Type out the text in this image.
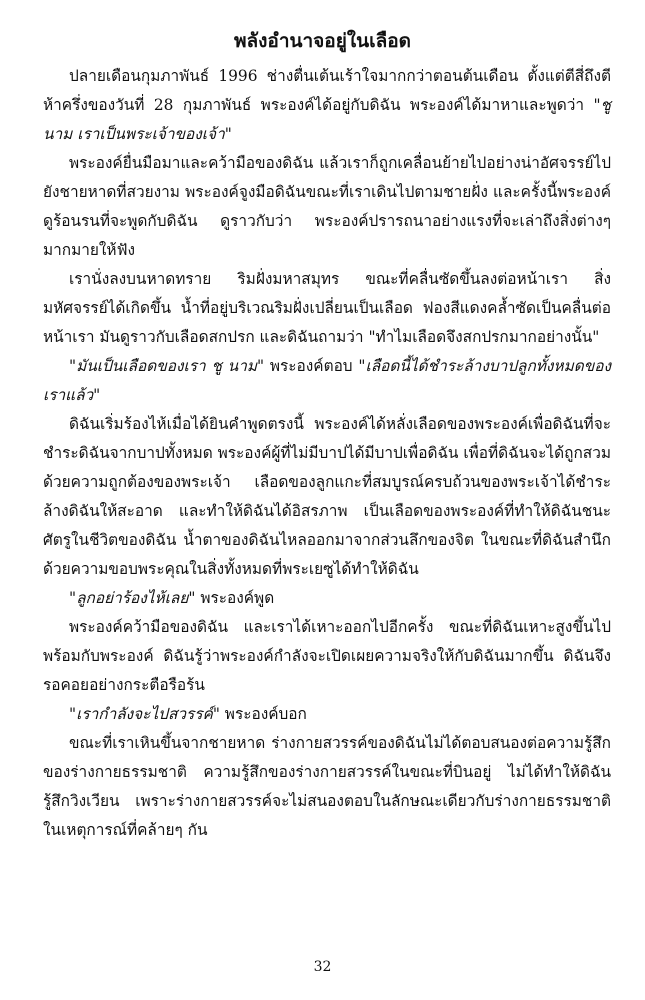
พลังอำนาจอยู่ในเลือด

ปลายเดือนกุมภาพันธ์ 1996 ช่างตื่นเต้นเร้าใจมากกว่าตอนต้นเดือน ตั้งแต่ตีสี่ถึงตีห้าครึ่งของวันที่ 28 กุมภาพันธ์ พระองค์ได้อยู่กับดิฉัน พระองค์ได้มาหาและพูดว่า "ชู นาม เราเป็นพระเจ้าของเจ้า"

พระองค์ยื่นมือมาและคว้ามือของดิฉัน แล้วเราก็ถูกเคลื่อนย้ายไปอย่างน่าอัศจรรย์ไปยังชายหาดที่สวยงาม พระองค์จูงมือดิฉันขณะที่เราเดินไปตามชายฝั่ง และครั้งนี้พระองค์ดูร้อนรนที่จะพูดกับดิฉัน ดูราวกับว่า พระองค์ปรารถนาอย่างแรงที่จะเล่าถึงสิ่งต่างๆ มากมายให้ฟัง

เรานั่งลงบนหาดทราย ริมฝั่งมหาสมุทร ขณะที่คลื่นซัดขึ้นลงต่อหน้าเรา สิ่งมหัศจรรย์ได้เกิดขึ้น น้ำที่อยู่บริเวณริมฝั่งเปลี่ยนเป็นเลือด ฟองสีแดงคล้ำซัดเป็นคลื่นต่อหน้าเรา มันดูราวกับเลือดสกปรก และดิฉันถามว่า "ทำไมเลือดจึงสกปรกมากอย่างนั้น"

"มันเป็นเลือดของเรา ชู นาม" พระองค์ตอบ "เลือดนี้ได้ชำระล้างบาปลูกทั้งหมดของเราแล้ว"

ดิฉันเริ่มร้องไห้เมื่อได้ยินคำพูดตรงนี้ พระองค์ได้หลั่งเลือดของพระองค์เพื่อดิฉันที่จะชำระดิฉันจากบาปทั้งหมด พระองค์ผู้ที่ไม่มีบาปได้มีบาปเพื่อดิฉัน เพื่อที่ดิฉันจะได้ถูกสวมด้วยความถูกต้องของพระเจ้า เลือดของลูกแกะที่สมบูรณ์ครบถ้วนของพระเจ้าได้ชำระล้างดิฉันให้สะอาด และทำให้ดิฉันได้อิสรภาพ เป็นเลือดของพระองค์ที่ทำให้ดิฉันชนะศัตรูในชีวิตของดิฉัน น้ำตาของดิฉันไหลออกมาจากส่วนลึกของจิต ในขณะที่ดิฉันสำนึกด้วยความขอบพระคุณในสิ่งทั้งหมดที่พระเยซูได้ทำให้ดิฉัน

"ลูกอย่าร้องไห้เลย" พระองค์พูด

พระองค์คว้ามือของดิฉัน และเราได้เหาะออกไปอีกครั้ง ขณะที่ดิฉันเหาะสูงขึ้นไปพร้อมกับพระองค์ ดิฉันรู้ว่าพระองค์กำลังจะเปิดเผยความจริงให้กับดิฉันมากขึ้น ดิฉันจึงรอคอยอย่างกระตือรือร้น

"เรากำลังจะไปสวรรค์" พระองค์บอก

ขณะที่เราเหินขึ้นจากชายหาด ร่างกายสวรรค์ของดิฉันไม่ได้ตอบสนองต่อความรู้สึกของร่างกายธรรมชาติ ความรู้สึกของร่างกายสวรรค์ในขณะที่บินอยู่ ไม่ได้ทำให้ดิฉันรู้สึกวิงเวียน เพราะร่างกายสวรรค์จะไม่สนองตอบในลักษณะเดียวกับร่างกายธรรมชาติในเหตุการณ์ที่คล้ายๆ กัน

32
